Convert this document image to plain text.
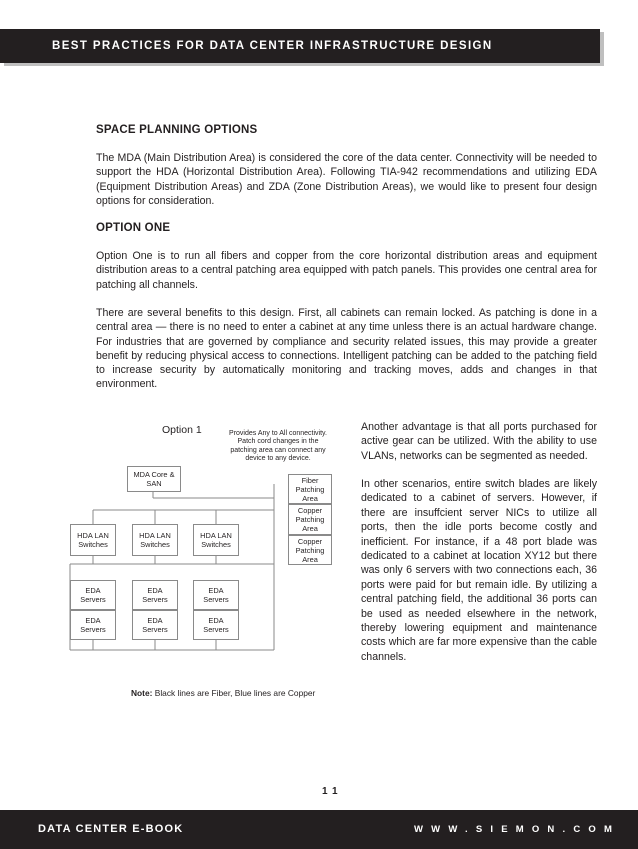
BEST PRACTICES FOR DATA CENTER INFRASTRUCTURE DESIGN
SPACE PLANNING OPTIONS
The MDA (Main Distribution Area) is considered the core of the data center. Connectivity will be needed to support the HDA (Horizontal Distribution Area). Following TIA-942 recommendations and utilizing EDA (Equipment Distribution Areas) and ZDA (Zone Distribution Areas), we would like to present four design options for consideration.
OPTION ONE
Option One is to run all fibers and copper from the core horizontal distribution areas and equipment distribution areas to a central patching area equipped with patch panels. This provides one central area for patching all channels.
There are several benefits to this design. First, all cabinets can remain locked. As patching is done in a central area — there is no need to enter a cabinet at any time unless there is an actual hardware change. For industries that are governed by compliance and security related issues, this may provide a greater benefit by reducing physical access to connections. Intelligent patching can be added to the patching field to increase security by automatically monitoring and tracking moves, adds and changes in that environment.
Option 1	Provides Any to All connectivity. Patch cord changes in the patching area can connect any device to any device.
MDA Core & SAN	Fiber Patching Area
Copper Patching Area
Copper Patching Area
HDA LAN Switches
HDA LAN Switches
HDA LAN Switches
EDA Servers
EDA Servers
EDA Servers
EDA Servers
EDA Servers
EDA Servers
Note: Black lines are Fiber, Blue lines are Copper
Another advantage is that all ports purchased for active gear can be utilized. With the ability to use VLANs, networks can be segmented as needed.
In other scenarios, entire switch blades are likely dedicated to a cabinet of servers. However, if there are insuffcient server NICs to utilize all ports, then the idle ports become costly and inefficient. For instance, if a 48 port blade was dedicated to a cabinet at location XY12 but there was only 6 servers with two connections each, 36 ports were paid for but remain idle. By utilizing a central patching field, the additional 36 ports can be used as needed elsewhere in the network, thereby lowering equipment and maintenance costs which are far more expensive than the cable channels.
11
DATA CENTER E-BOOK	WWW.SIEMON.COM
